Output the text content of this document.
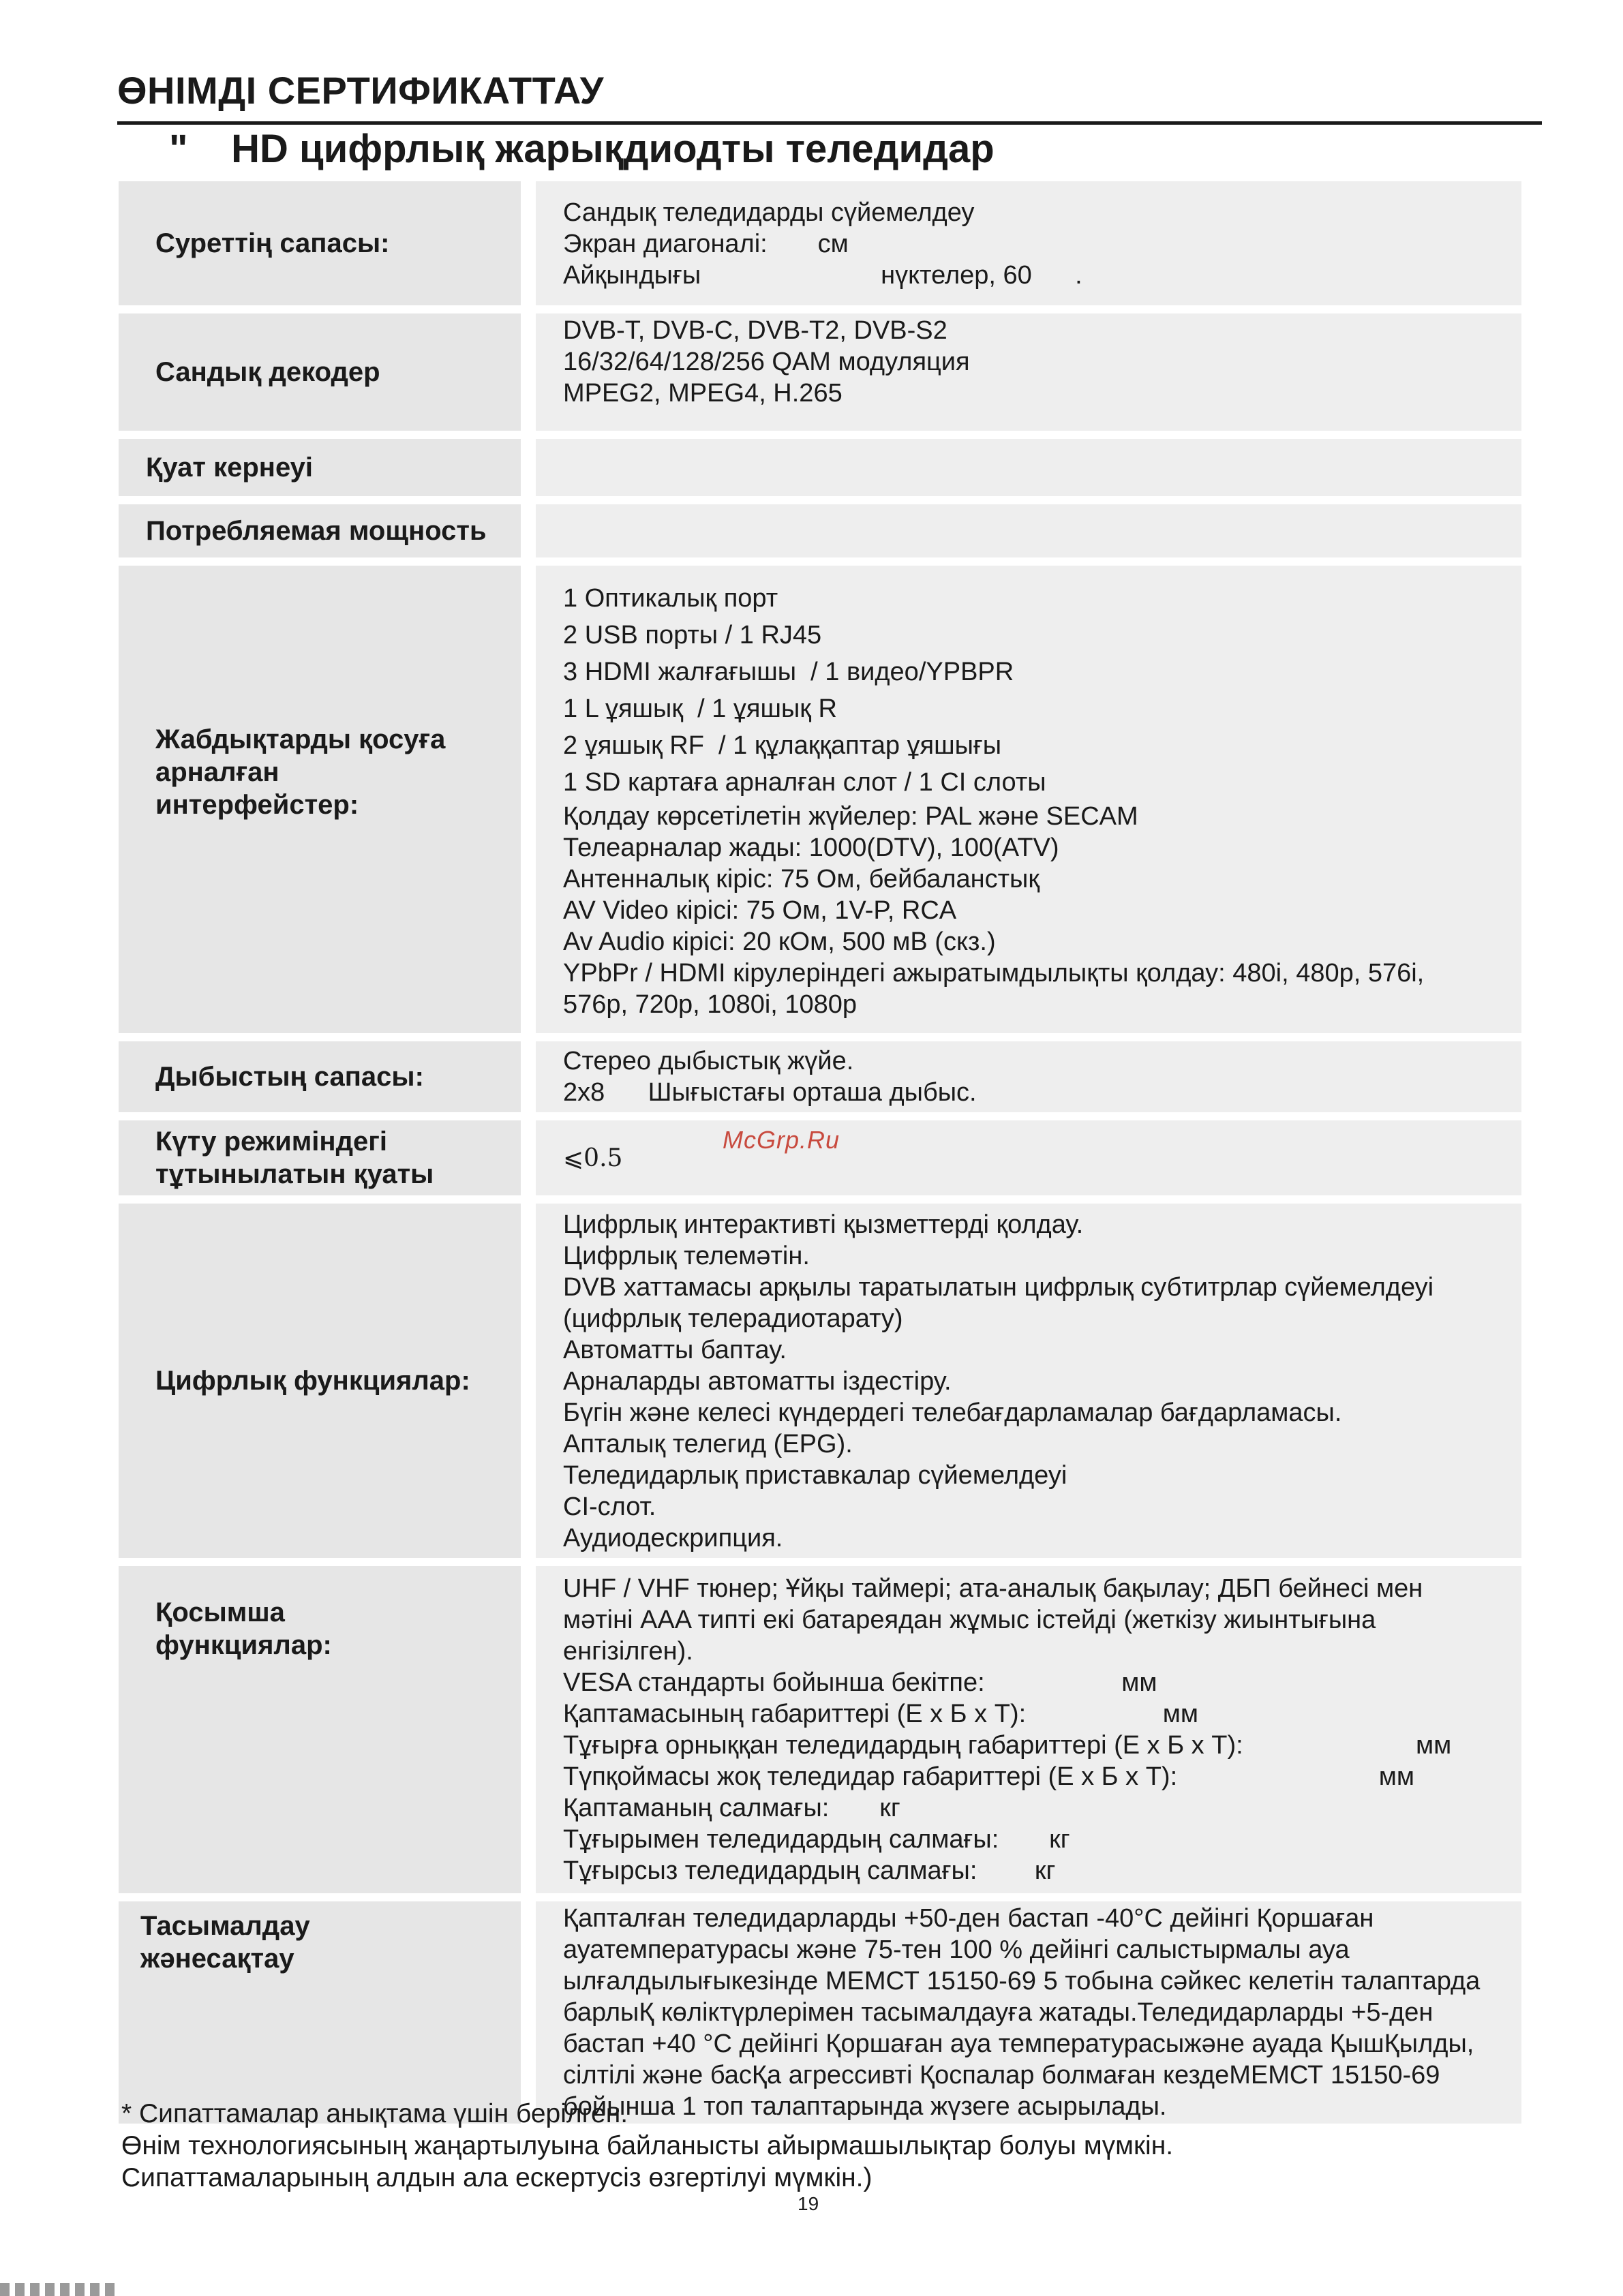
ӨНІМДІ СЕРТИФИКАТТАУ
" HD цифрлық жарықдиодты теледидар
Суреттің сапасы:
Сандық теледидарды сүйемелдеу
Экран диагоналі:       см
Айқындығы                         нүктелер, 60      .
Сандық декодер
DVB-T, DVB-C, DVB-T2, DVB-S2
16/32/64/128/256 QAM модуляция
MPEG2, MPEG4, H.265
Қуат кернеуі
Потребляемая мощность
Жабдықтарды қосуға
арналған
интерфейстер:
1 Оптикалық порт
2 USB порты / 1 RJ45
3 HDMI жалғағышы  / 1 видео/YPBPR
1 L ұяшық  / 1 ұяшық R
2 ұяшық RF  / 1 құлаққаптар ұяшығы
1 SD картаға арналған слот / 1 CI слоты
Қолдау көрсетілетін жүйелер: PAL және SECAM
Телеарналар жады: 1000(DTV), 100(ATV)
Антенналық кіріс: 75 Ом, бейбаланстық
AV Video кірісі: 75 Ом, 1V-P, RCA
Av Audio кірісі: 20 кОм, 500 мВ (скз.)
YPbPr / HDMI кірулеріндегі ажыратымдылықты қолдау: 480i, 480p, 576i,
576p, 720p, 1080i, 1080p
Дыбыстың сапасы:
Стерео дыбыстық жүйе.
2x8      Шығыстағы орташа дыбыс.
Күту режиміндегі
тұтынылатын қуаты
⩽0.5
Цифрлық функциялар:
Цифрлық интерактивті қызметтерді қолдау.
Цифрлық телемәтін.
DVB хаттамасы арқылы таратылатын цифрлық субтитрлар сүйемелдеуі
(цифрлық телерадиотарату)
Автоматты баптау.
Арналарды автоматты іздестіру.
Бүгін және келесі күндердегі телебағдарламалар бағдарламасы.
Апталық телегид (EPG).
Теледидарлық приставкалар сүйемелдеуі
CI-слот.
Аудиодескрипция.
Қосымша
функциялар:
UHF / VHF тюнер; Ұйқы таймері; ата-аналық бақылау; ДБП бейнесі мен
мәтіні AAA типті екі батареядан жұмыс істейді (жеткізу жиынтығына
енгізілген).
VESA стандарты бойынша бекітпе:                   мм
Қаптамасының габариттері (Е х Б х Т):                   мм
Тұғырға орныққан теледидардың габариттері (Е х Б х Т):                        мм
Түпқоймасы жоқ теледидар габариттері (Е х Б х Т):                            мм
Қаптаманың салмағы:       кг
Тұғырымен теледидардың салмағы:       кг
Тұғырсыз теледидардың салмағы:        кг
Тасымалдау
жәнесақтау
Қапталған теледидарларды +50-ден бастап -40°С дейінгі Қоршаған
ауатемпературасы және 75-тен 100 % дейінгі салыстырмалы ауа
ылғалдылығыкезінде МЕМСТ 15150-69 5 тобына сәйкес келетін талаптарда
барлыҚ көліктүрлерімен тасымалдауға жатады.Теледидарларды +5-ден
бастап +40 °С дейінгі Қоршаған ауа температурасыжәне ауада ҚышҚылды,
сілтілі және басҚа агрессивті Қоспалар болмаған кездеМЕМСТ 15150-69
бойынша 1 топ талаптарында жүзеге асырылады.
McGrp.Ru
* Сипаттамалар анықтама үшін берілген.
Өнім технологиясының жаңартылуына байланысты айырмашылықтар болуы мүмкін.
Сипаттамаларының алдын ала ескертусіз өзгертілуі мүмкін.)
19
